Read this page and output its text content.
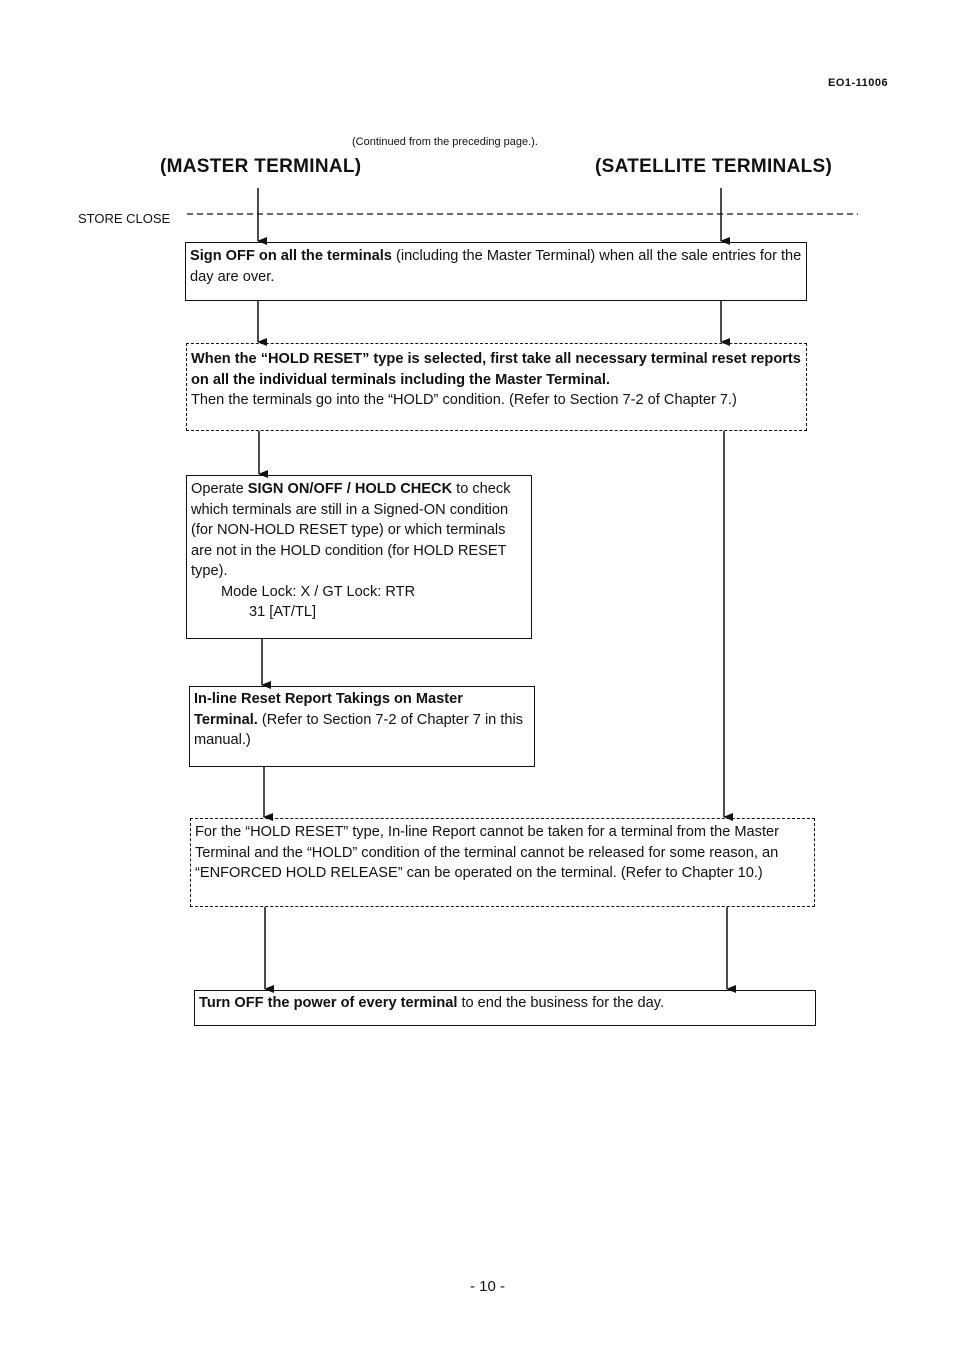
EO1-11006
(Continued from the preceding page.).
(MASTER TERMINAL)	(SATELLITE TERMINALS)
STORE CLOSE
Sign OFF on all the terminals (including the Master Terminal) when all the sale entries for the day are over.
When the “HOLD RESET” type is selected, first take all necessary terminal reset reports on all the individual terminals including the Master Terminal.
Then the terminals go into the “HOLD” condition. (Refer to Section 7-2 of Chapter 7.)
Operate SIGN ON/OFF / HOLD CHECK to check which terminals are still in a Signed-ON condition (for NON-HOLD RESET type) or which terminals are not in the HOLD condition (for HOLD RESET type).
Mode Lock: X / GT Lock: RTR
31 [AT/TL]
In-line Reset Report Takings on Master Terminal. (Refer to Section 7-2 of Chapter 7 in this manual.)
For the “HOLD RESET” type, In-line Report cannot be taken for a terminal from the Master Terminal and the “HOLD” condition of the terminal cannot be released for some reason, an “ENFORCED HOLD RELEASE” can be operated on the terminal. (Refer to Chapter 10.)
Turn OFF the power of every terminal to end the business for the day.
- 10 -
